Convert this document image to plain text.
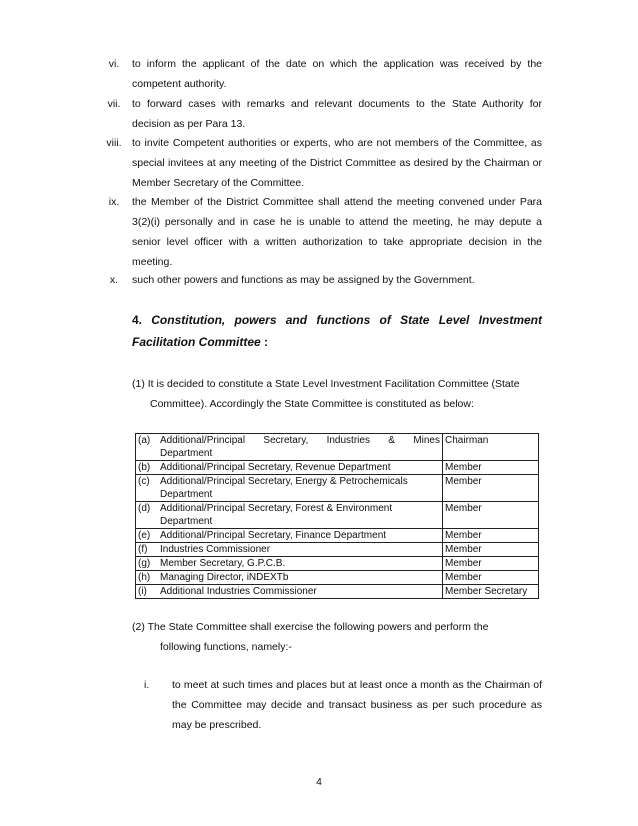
vi.	to inform the applicant of the date on which the application was received by the competent authority.
vii.	to forward cases with remarks and relevant documents to the State Authority for decision as per Para 13.
viii. to invite Competent authorities or experts, who are not members of the Committee, as special invitees at any meeting of the District Committee as desired by the Chairman or Member Secretary of the Committee.
ix.	the Member of the District Committee shall attend the meeting convened under Para 3(2)(i) personally and in case he is unable to attend the meeting, he may depute a senior level officer with a written authorization to take appropriate decision in the meeting.
x.	such other powers and functions as may be assigned by the Government.
4. Constitution, powers and functions of State Level Investment Facilitation Committee :
(1) It is decided to constitute a State Level Investment Facilitation Committee (State
Committee). Accordingly the State Committee is constituted as below:
(a) Additional/Principal Secretary, Industries & Mines
Department	Chairman

(b) Additional/Principal Secretary, Revenue Department	Member

(c) Additional/Principal Secretary, Energy & Petrochemicals
Department	Member

(d) Additional/Principal Secretary, Forest & Environment
Department	Member

(e) Additional/Principal Secretary, Finance Department	Member

(f) Industries Commissioner	Member

(g) Member Secretary, G.P.C.B.	Member

(h) Managing Director, iNDEXTb	Member

(i) Additional Industries Commissioner	Member Secretary
(2) The State Committee shall exercise the following powers and perform the
following functions, namely:-
i.	to meet at such times and places but at least once a month as the Chairman of the Committee may decide and transact business as per such procedure as may be prescribed.
4
